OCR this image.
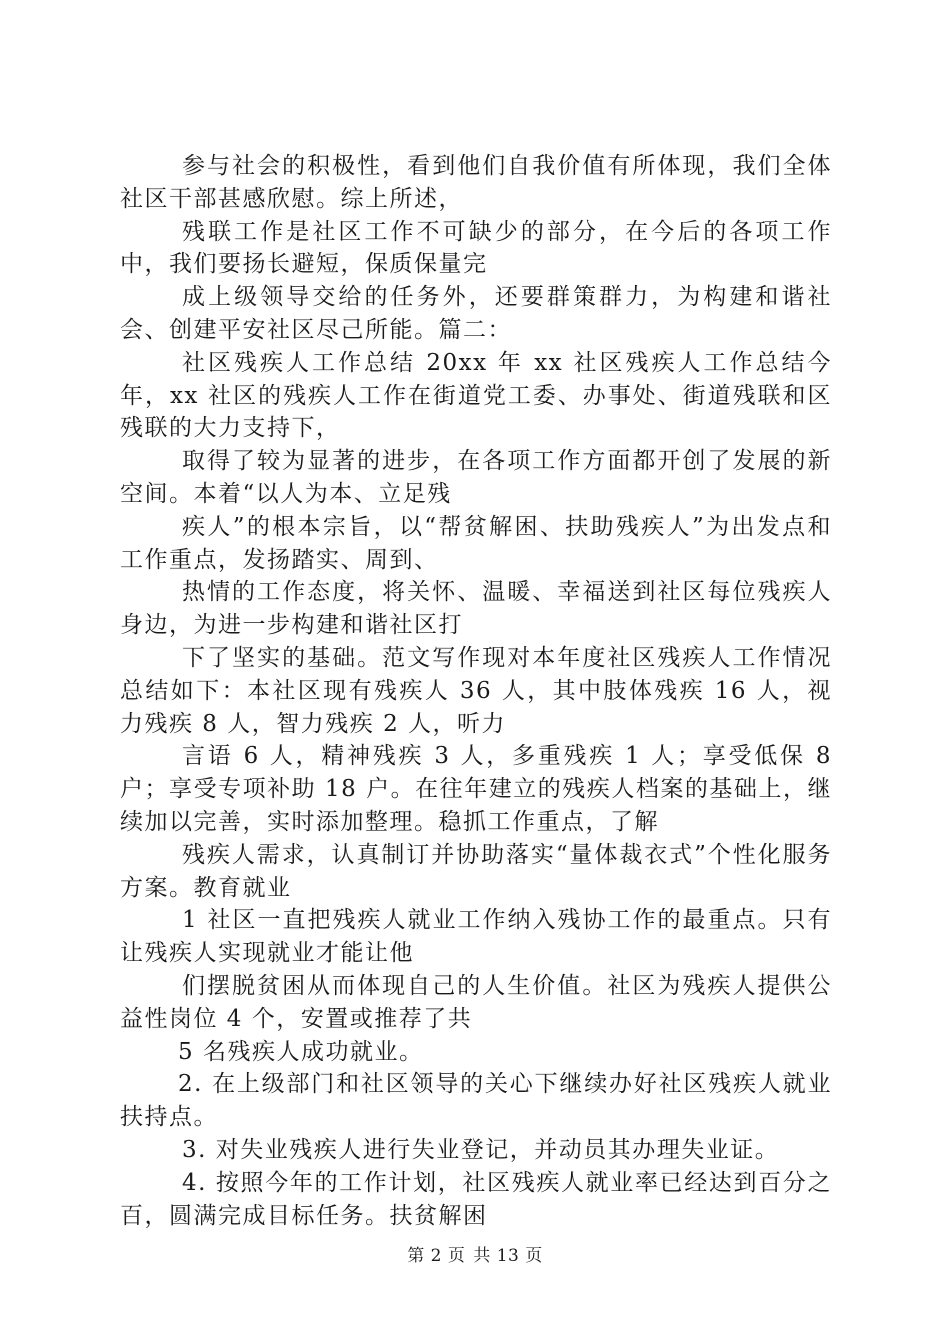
参与社会的积极性，看到他们自我价值有所体现，我们全体社区干部甚感欣慰。综上所述，

残联工作是社区工作不可缺少的部分，在今后的各项工作中，我们要扬长避短，保质保量完

成上级领导交给的任务外，还要群策群力，为构建和谐社会、创建平安社区尽己所能。篇二：

社区残疾人工作总结 20xx 年 xx 社区残疾人工作总结今年，xx 社区的残疾人工作在街道党工委、办事处、街道残联和区残联的大力支持下，

取得了较为显著的进步，在各项工作方面都开创了发展的新空间。本着“以人为本、立足残

疾人”的根本宗旨，以“帮贫解困、扶助残疾人”为出发点和工作重点，发扬踏实、周到、

热情的工作态度，将关怀、温暖、幸福送到社区每位残疾人身边，为进一步构建和谐社区打

下了坚实的基础。范文写作现对本年度社区残疾人工作情况总结如下：本社区现有残疾人 36 人，其中肢体残疾 16 人，视力残疾 8 人，智力残疾 2 人，听力

言语 6 人，精神残疾 3 人，多重残疾 1 人；享受低保 8 户；享受专项补助 18 户。在往年建立的残疾人档案的基础上，继续加以完善，实时添加整理。稳抓工作重点，了解

残疾人需求，认真制订并协助落实“量体裁衣式”个性化服务方案。教育就业

1 社区一直把残疾人就业工作纳入残协工作的最重点。只有让残疾人实现就业才能让他

们摆脱贫困从而体现自己的人生价值。社区为残疾人提供公益性岗位 4 个，安置或推荐了共

5 名残疾人成功就业。

2. 在上级部门和社区领导的关心下继续办好社区残疾人就业扶持点。

3. 对失业残疾人进行失业登记，并动员其办理失业证。

4. 按照今年的工作计划，社区残疾人就业率已经达到百分之百，圆满完成目标任务。扶贫解困

第 2 页 共 13 页
